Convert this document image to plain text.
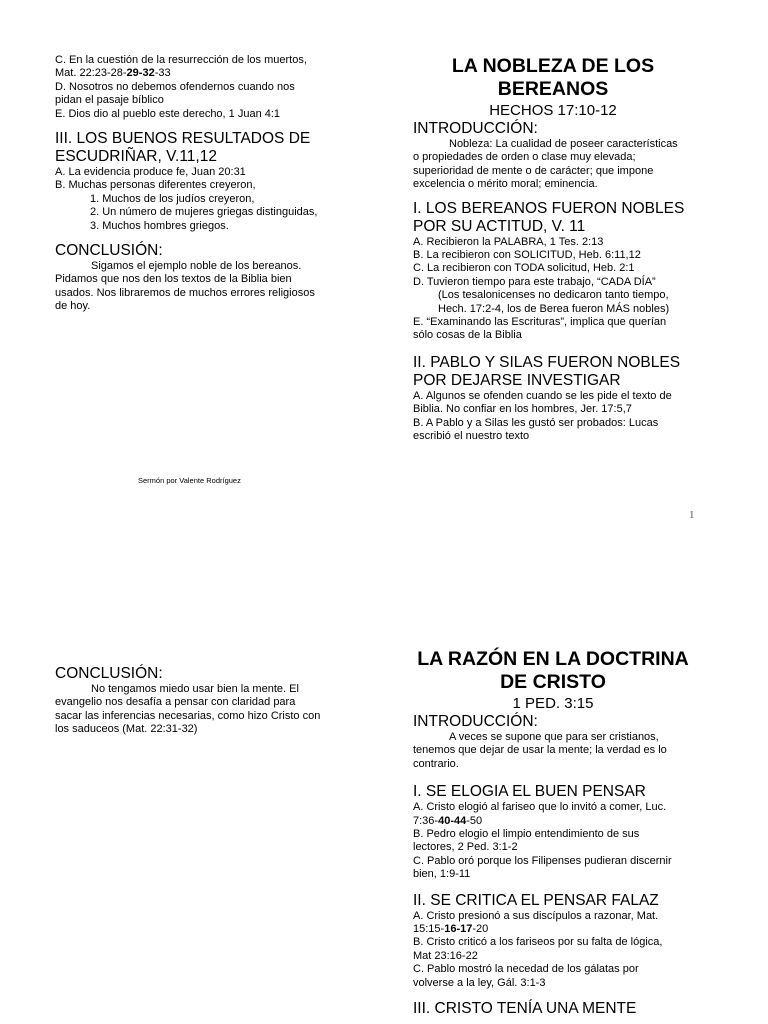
C. En la cuestión de la resurrección de los muertos,
Mat. 22:23-28-29-32-33
D. Nosotros no debemos ofendernos cuando nos
pidan el pasaje bíblico
E. Dios dio al pueblo este derecho, 1 Juan 4:1
III. LOS BUENOS RESULTADOS DE
ESCUDRIÑAR, V.11,12
A. La evidencia produce fe, Juan 20:31
B. Muchas personas diferentes creyeron,
1. Muchos de los judíos creyeron,
2. Un número de mujeres griegas distinguidas,
3. Muchos hombres griegos.
CONCLUSIÓN:
Sigamos el ejemplo noble de los bereanos.
Pidamos que nos den los textos de la Biblia bien
usados. Nos libraremos de muchos errores religiosos
de hoy.
Sermón por Valente Rodríguez
LA NOBLEZA DE LOS
BEREANOS
HECHOS 17:10-12
INTRODUCCIÓN:
Nobleza: La cualidad de poseer características
o propiedades de orden o clase muy elevada;
superioridad de mente o de carácter; que impone
excelencia o mérito moral; eminencia.
I. LOS BEREANOS FUERON NOBLES
POR SU ACTITUD, V. 11
A. Recibieron la PALABRA, 1 Tes. 2:13
B. La recibieron con SOLICITUD, Heb. 6:11,12
C. La recibieron con TODA solicitud, Heb. 2:1
D. Tuvieron tiempo para este trabajo, “CADA DÍA”
(Los tesalonicenses no dedicaron tanto tiempo,
Hech. 17:2-4, los de Berea fueron MÁS nobles)
E. “Examinando las Escrituras”, implica que querían
sólo cosas de la Biblia
II. PABLO Y SILAS FUERON NOBLES
POR DEJARSE INVESTIGAR
A. Algunos se ofenden cuando se les pide el texto de
Biblia. No confiar en los hombres, Jer. 17:5,7
B. A Pablo y a Silas les gustó ser probados: Lucas
escribió el nuestro texto
1
CONCLUSIÓN:
No tengamos miedo usar bien la mente. El
evangelio nos desafía a pensar con claridad para
sacar las inferencias necesarias, como hizo Cristo con
los saduceos (Mat. 22:31-32)
LA RAZÓN EN LA DOCTRINA
DE CRISTO
1 PED. 3:15
INTRODUCCIÓN:
A veces se supone que para ser cristianos,
tenemos que dejar de usar la mente; la verdad es lo
contrario.
I. SE ELOGIA EL BUEN PENSAR
A. Cristo elogió al fariseo que lo invitó a comer, Luc.
7:36-40-44-50
B. Pedro elogio el limpio entendimiento de sus
lectores, 2 Ped. 3:1-2
C. Pablo oró porque los Filipenses pudieran discernir
bien, 1:9-11
II. SE CRITICA EL PENSAR FALAZ
A. Cristo presionó a sus discípulos a razonar, Mat.
15:15-16-17-20
B. Cristo criticó a los fariseos por su falta de lógica,
Mat 23:16-22
C. Pablo mostró la necedad de los gálatas por
volverse a la ley, Gál. 3:1-3
III. CRISTO TENÍA UNA MENTE
